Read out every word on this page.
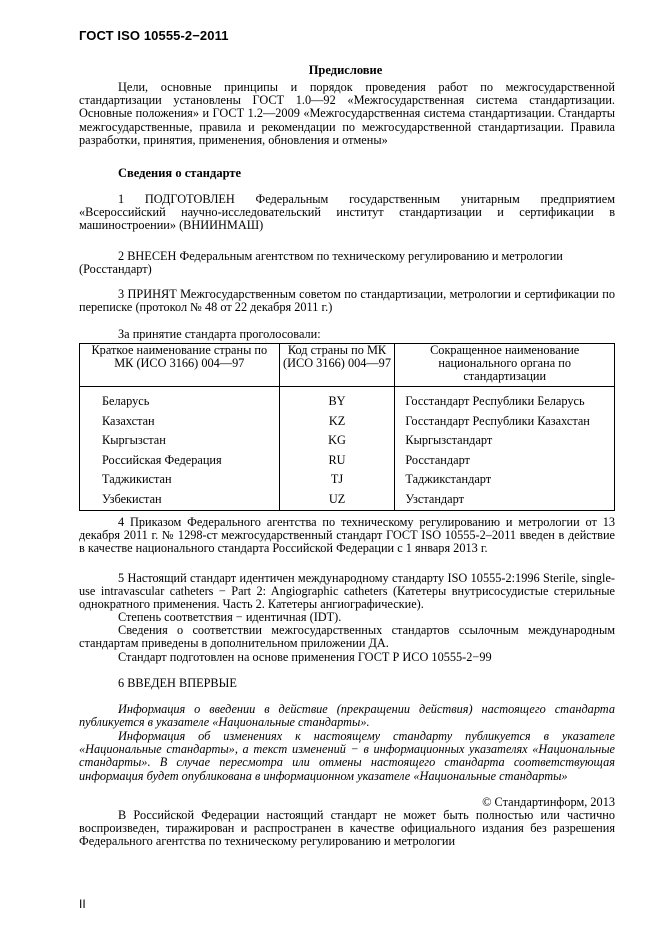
ГОСТ ISO 10555-2−2011
Предисловие
Цели, основные принципы и порядок проведения работ по межгосударственной стандартизации установлены ГОСТ 1.0—92 «Межгосударственная система стандартизации. Основные положения» и ГОСТ 1.2—2009 «Межгосударственная система стандартизации. Стандарты межгосударственные, правила и рекомендации по межгосударственной стандартизации. Правила разработки, принятия, применения, обновления и отмены»
Сведения о стандарте
1 ПОДГОТОВЛЕН Федеральным государственным унитарным предприятием «Всероссийский научно-исследовательский институт стандартизации и сертификации в машиностроении» (ВНИИНМАШ)
2 ВНЕСЕН Федеральным агентством по техническому регулированию и метрологии (Росстандарт)
3 ПРИНЯТ Межгосударственным советом по стандартизации, метрологии и сертификации по переписке (протокол № 48 от 22 декабря 2011 г.)
За принятие стандарта проголосовали:
Краткое наименование страны по МК (ИСО 3166) 004—97	Код страны по МК (ИСО 3166) 004—97	Сокращенное наименование национального органа по стандартизации
Беларусь	BY	Госстандарт Республики Беларусь
Казахстан	KZ	Госстандарт Республики Казахстан
Кыргызстан	KG	Кыргызстандарт
Российская Федерация	RU	Росстандарт
Таджикистан	TJ	Таджикстандарт
Узбекистан	UZ	Узстандарт
4 Приказом Федерального агентства по техническому регулированию и метрологии от 13 декабря 2011 г. № 1298-ст межгосударственный стандарт ГОСТ ISO 10555-2–2011 введен в действие в качестве национального стандарта Российской Федерации с 1 января 2013 г.
5 Настоящий стандарт идентичен международному стандарту ISO 10555-2:1996 Sterile, single-use intravascular catheters − Part 2: Angiographic catheters (Катетеры внутрисосудистые стерильные однократного применения. Часть 2. Катетеры ангиографические).
Степень соответствия − идентичная (IDT).
Сведения о соответствии межгосударственных стандартов ссылочным международным стандартам приведены в дополнительном приложении ДА.
Стандарт подготовлен на основе применения ГОСТ Р ИСО 10555-2−99
6 ВВЕДЕН ВПЕРВЫЕ
Информация о введении в действие (прекращении действия) настоящего стандарта публикуется в указателе «Национальные стандарты».
Информация об изменениях к настоящему стандарту публикуется в указателе «Национальные стандарты», а текст изменений − в информационных указателях «Национальные стандарты». В случае пересмотра или отмены настоящего стандарта соответствующая информация будет опубликована в информационном указателе «Национальные стандарты»
© Стандартинформ, 2013
В Российской Федерации настоящий стандарт не может быть полностью или частично воспроизведен, тиражирован и распространен в качестве официального издания без разрешения Федерального агентства по техническому регулированию и метрологии
II
